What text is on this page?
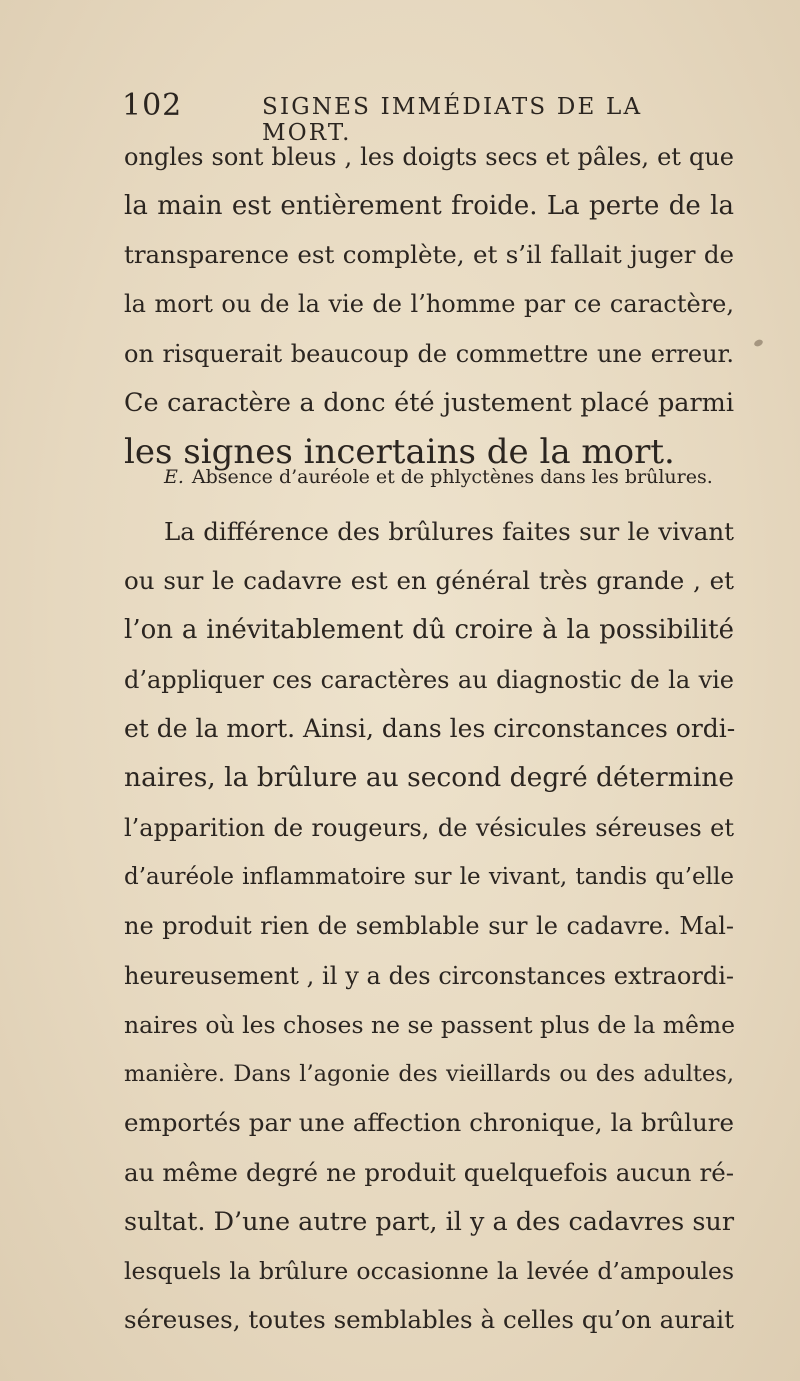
102	SIGNES IMMÉDIATS DE LA MORT.
ongles sont bleus , les doigts secs et pâles, et que
la main est entièrement froide. La perte de la
transparence est complète, et s’il fallait juger de
la mort ou de la vie de l’homme par ce caractère,
on risquerait beaucoup de commettre une erreur.
Ce caractère a donc été justement placé parmi
les signes incertains de la mort.
E. Absence d’auréole et de phlyctènes dans les brûlures.
La différence des brûlures faites sur le vivant
ou sur le cadavre est en général très grande , et
l’on a inévitablement dû croire à la possibilité
d’appliquer ces caractères au diagnostic de la vie
et de la mort. Ainsi, dans les circonstances ordi-
naires, la brûlure au second degré détermine
l’apparition de rougeurs, de vésicules séreuses et
d’auréole inflammatoire sur le vivant, tandis qu’elle
ne produit rien de semblable sur le cadavre. Mal-
heureusement , il y a des circonstances extraordi-
naires où les choses ne se passent plus de la même
manière. Dans l’agonie des vieillards ou des adultes,
emportés par une affection chronique, la brûlure
au même degré ne produit quelquefois aucun ré-
sultat. D’une autre part, il y a des cadavres sur
lesquels la brûlure occasionne la levée d’ampoules
séreuses, toutes semblables à celles qu’on aurait
